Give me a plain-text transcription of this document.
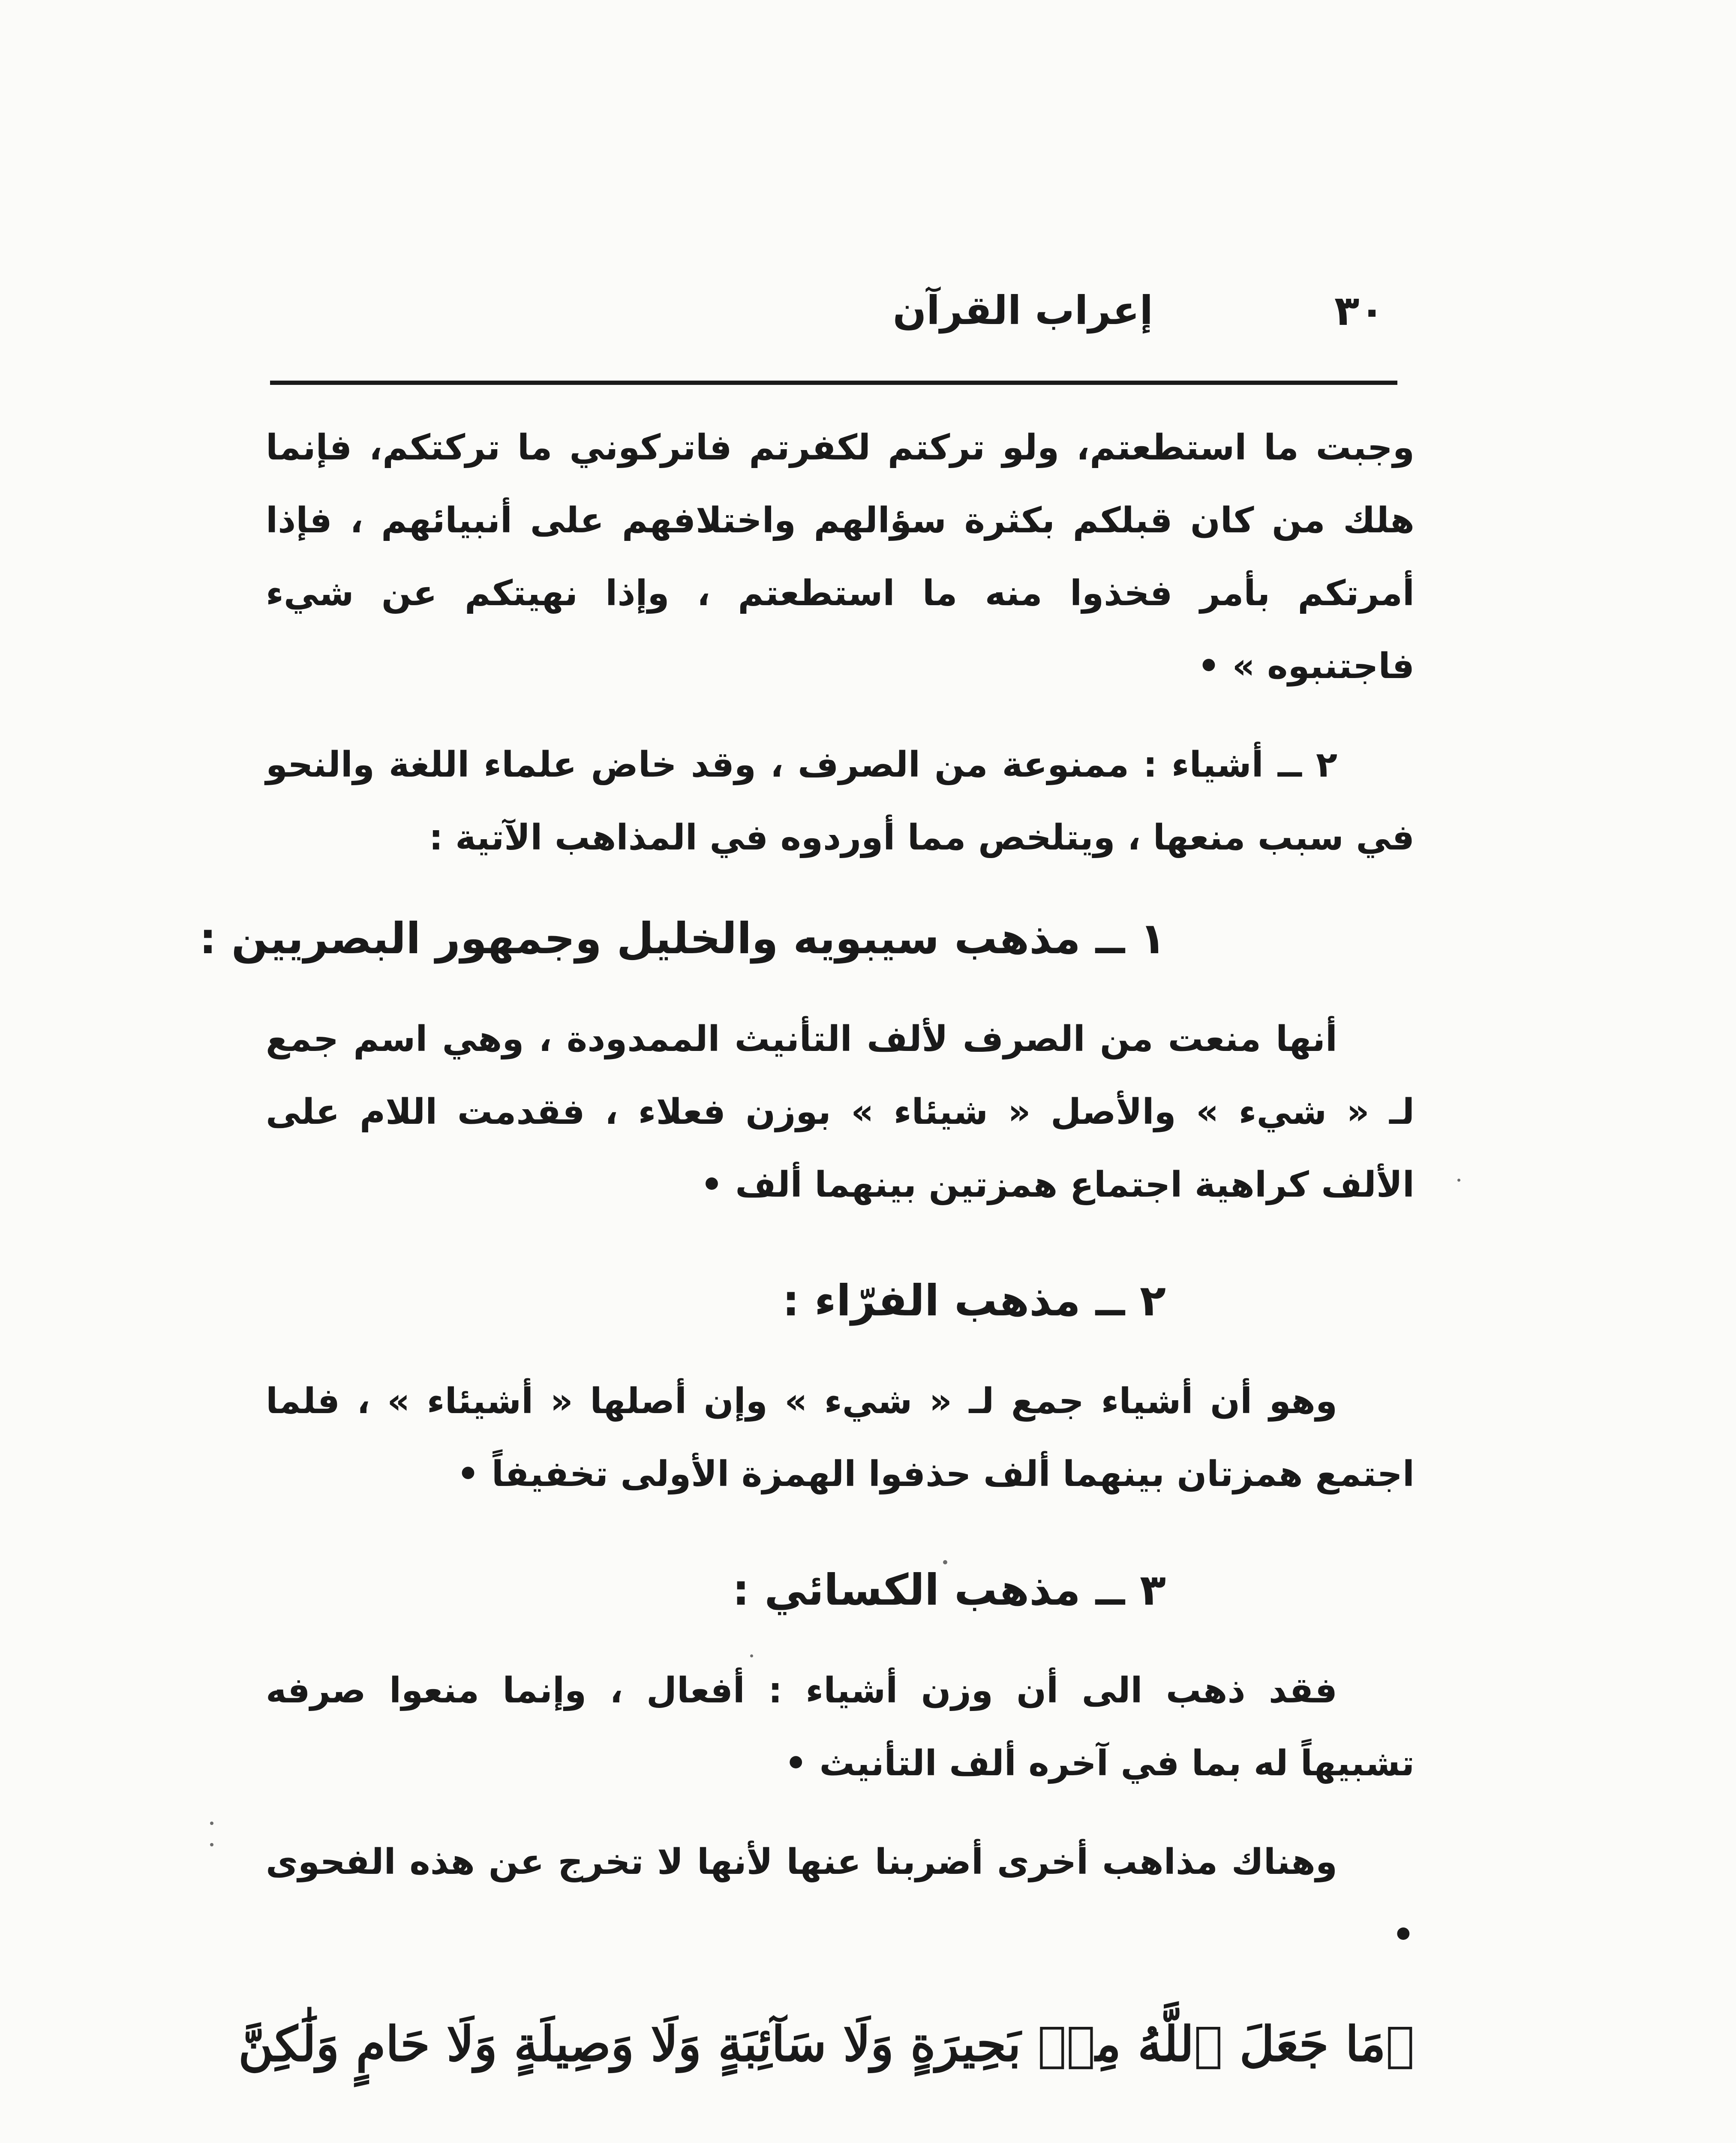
٣٠
إعراب القرآن

وجبت ما استطعتم، ولو تركتم لكفرتم فاتركوني ما تركتكم، فإنما هلك من كان قبلكم بكثرة سؤالهم واختلافهم على أنبيائهم ، فإذا أمرتكم بأمر فخذوا منه ما استطعتم ، وإذا نهيتكم عن شيء فاجتنبوه » •

٢ ــ أشياء : ممنوعة من الصرف ، وقد خاض علماء اللغة والنحو في سبب منعها ، ويتلخص مما أوردوه في المذاهب الآتية :

١ ــ مذهب سيبويه والخليل وجمهور البصريين :

أنها منعت من الصرف لألف التأنيث الممدودة ، وهي اسم جمع لـ « شيء » والأصل « شيئاء » بوزن فعلاء ، فقدمت اللام على الألف كراهية اجتماع همزتين بينهما ألف •

٢ ــ مذهب الفرّاء :

وهو أن أشياء جمع لـ « شيء » وإن أصلها « أشيئاء » ، فلما اجتمع همزتان بينهما ألف حذفوا الهمزة الأولى تخفيفاً •

٣ ــ مذهب الكسائي :

فقد ذهب الى أن وزن أشياء : أفعال ، وإنما منعوا صرفه تشبيهاً له بما في آخره ألف التأنيث •

وهناك مذاهب أخرى أضربنا عنها لأنها لا تخرج عن هذه الفحوى •

﴿مَا جَعَلَ ٱللَّهُ مِنۢ بَحِيرَةٍ وَلَا سَآئِبَةٍ وَلَا وَصِيلَةٍ وَلَا حَامٍ وَلَٰكِنَّ
